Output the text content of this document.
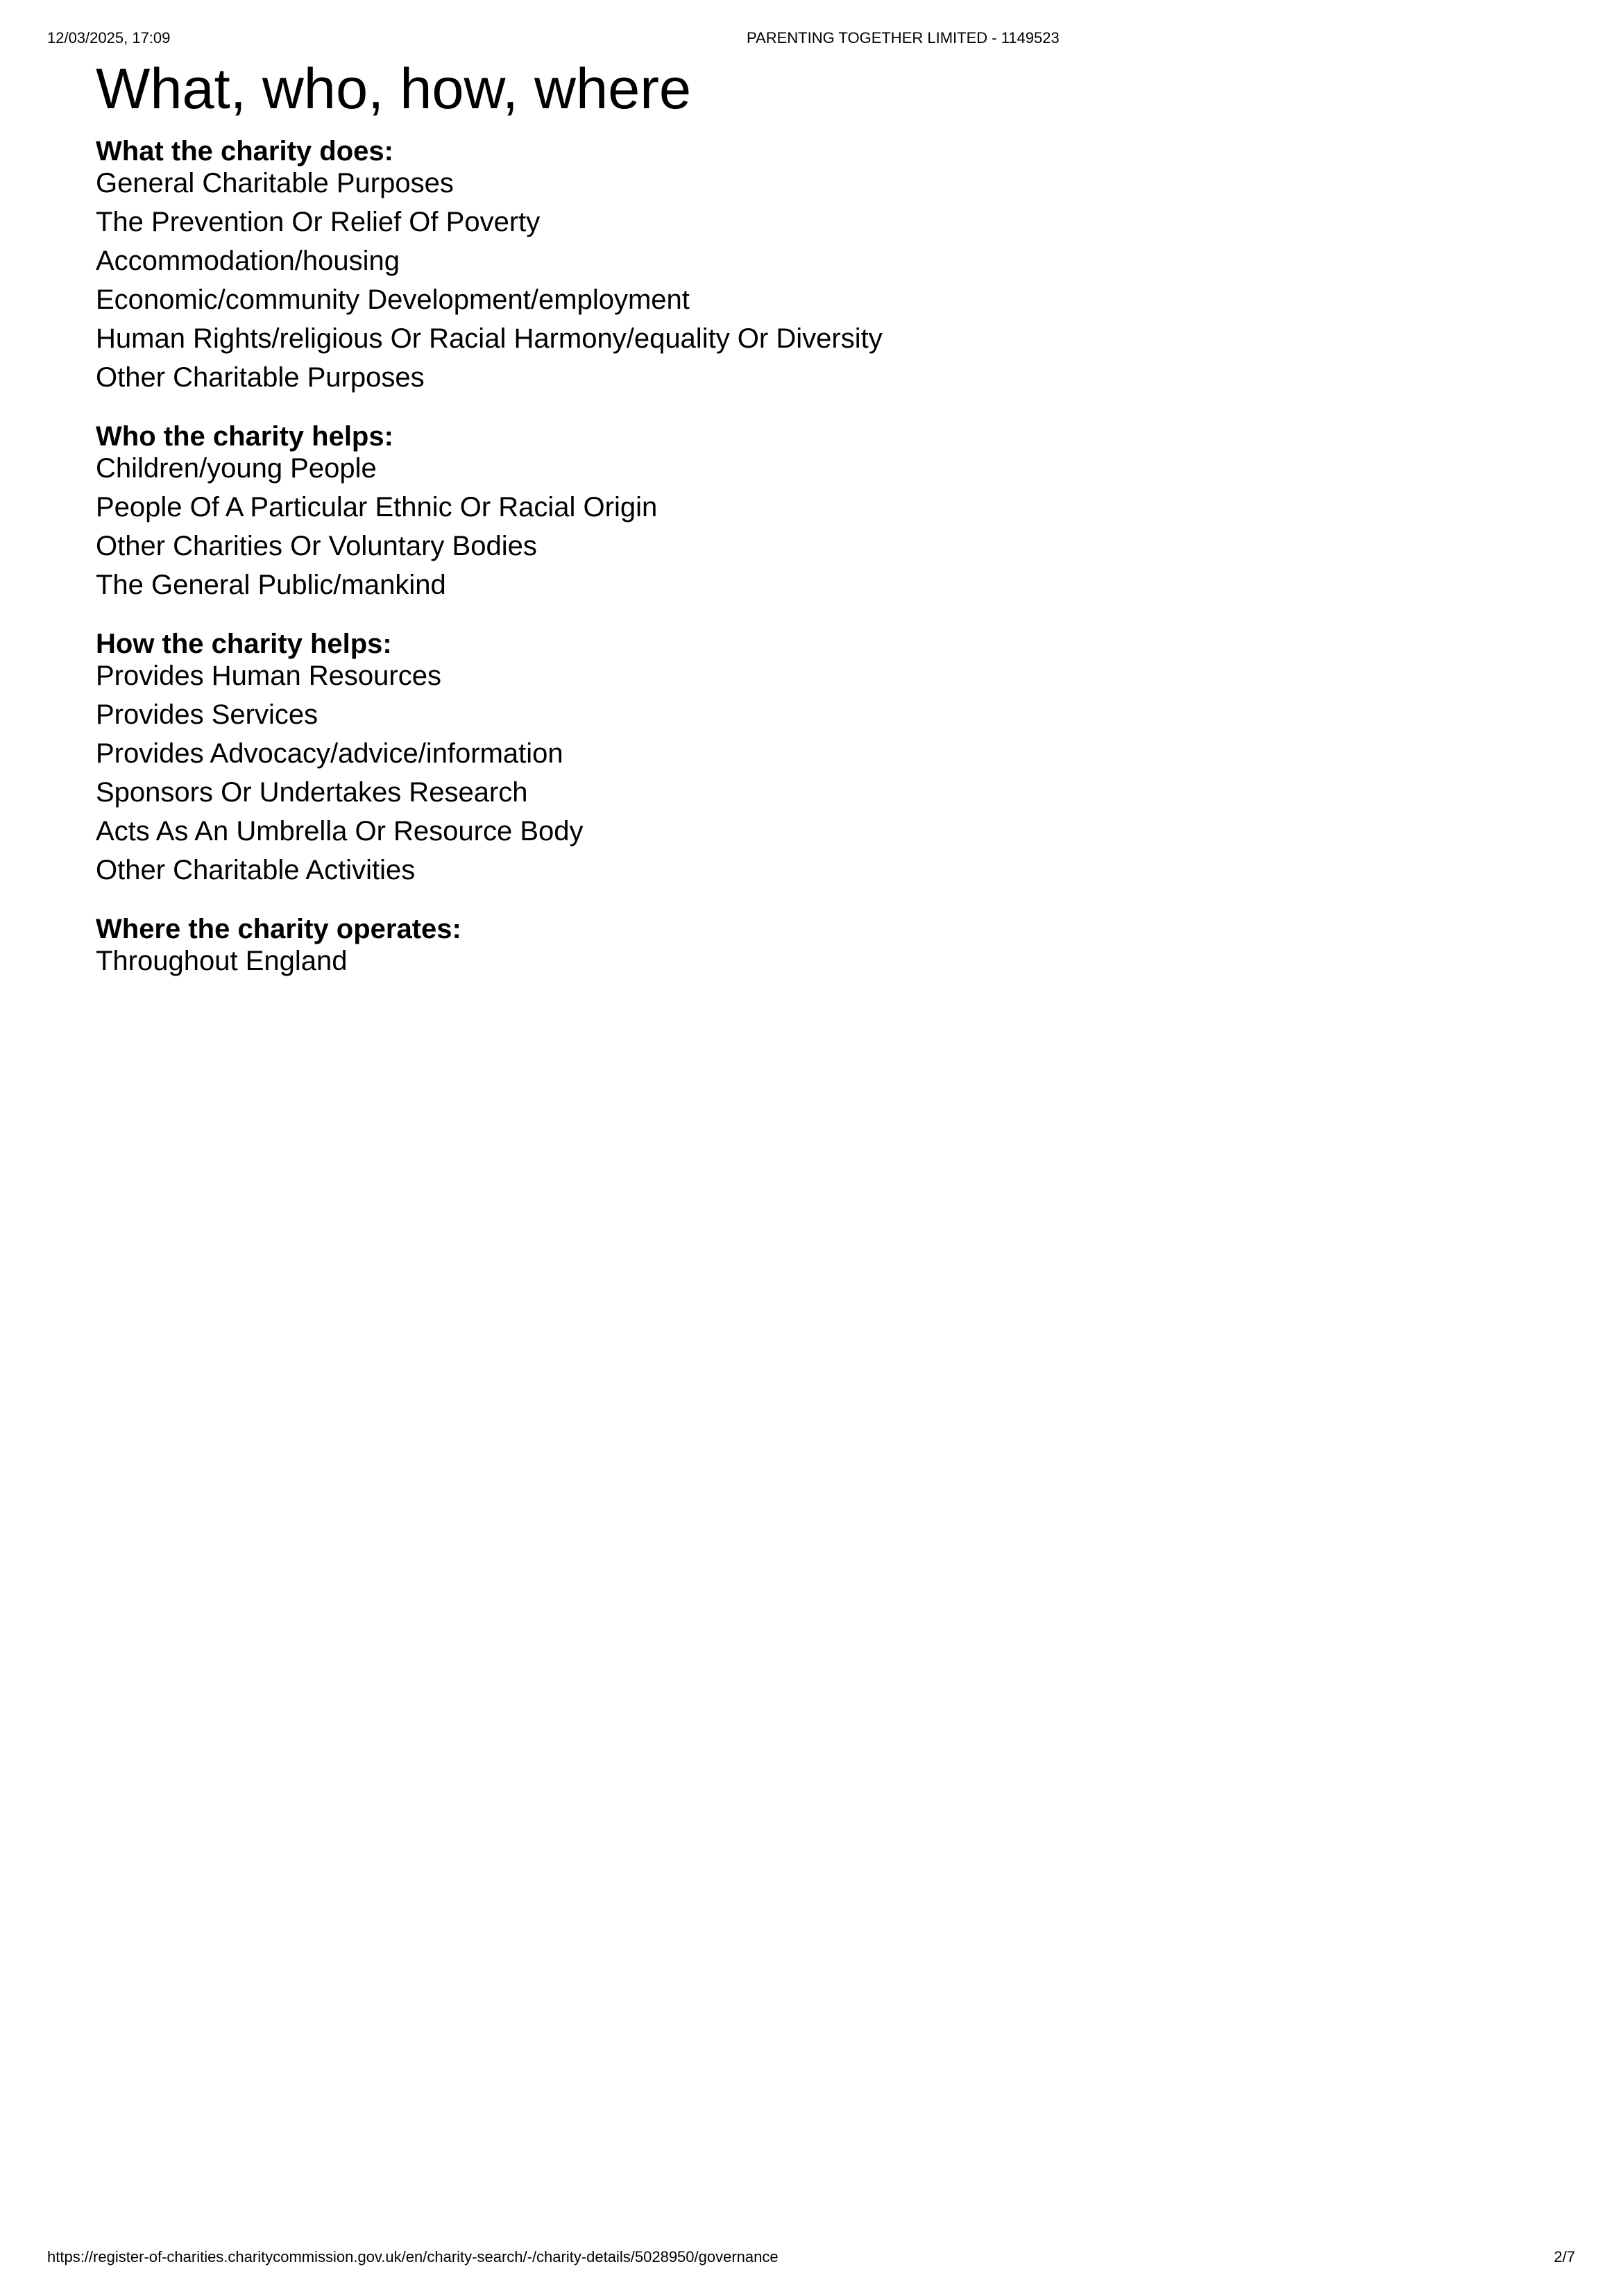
12/03/2025, 17:09	PARENTING TOGETHER LIMITED - 1149523
What, who, how, where
What the charity does:
General Charitable Purposes
The Prevention Or Relief Of Poverty
Accommodation/housing
Economic/community Development/employment
Human Rights/religious Or Racial Harmony/equality Or Diversity
Other Charitable Purposes
Who the charity helps:
Children/young People
People Of A Particular Ethnic Or Racial Origin
Other Charities Or Voluntary Bodies
The General Public/mankind
How the charity helps:
Provides Human Resources
Provides Services
Provides Advocacy/advice/information
Sponsors Or Undertakes Research
Acts As An Umbrella Or Resource Body
Other Charitable Activities
Where the charity operates:
Throughout England
https://register-of-charities.charitycommission.gov.uk/en/charity-search/-/charity-details/5028950/governance	2/7
